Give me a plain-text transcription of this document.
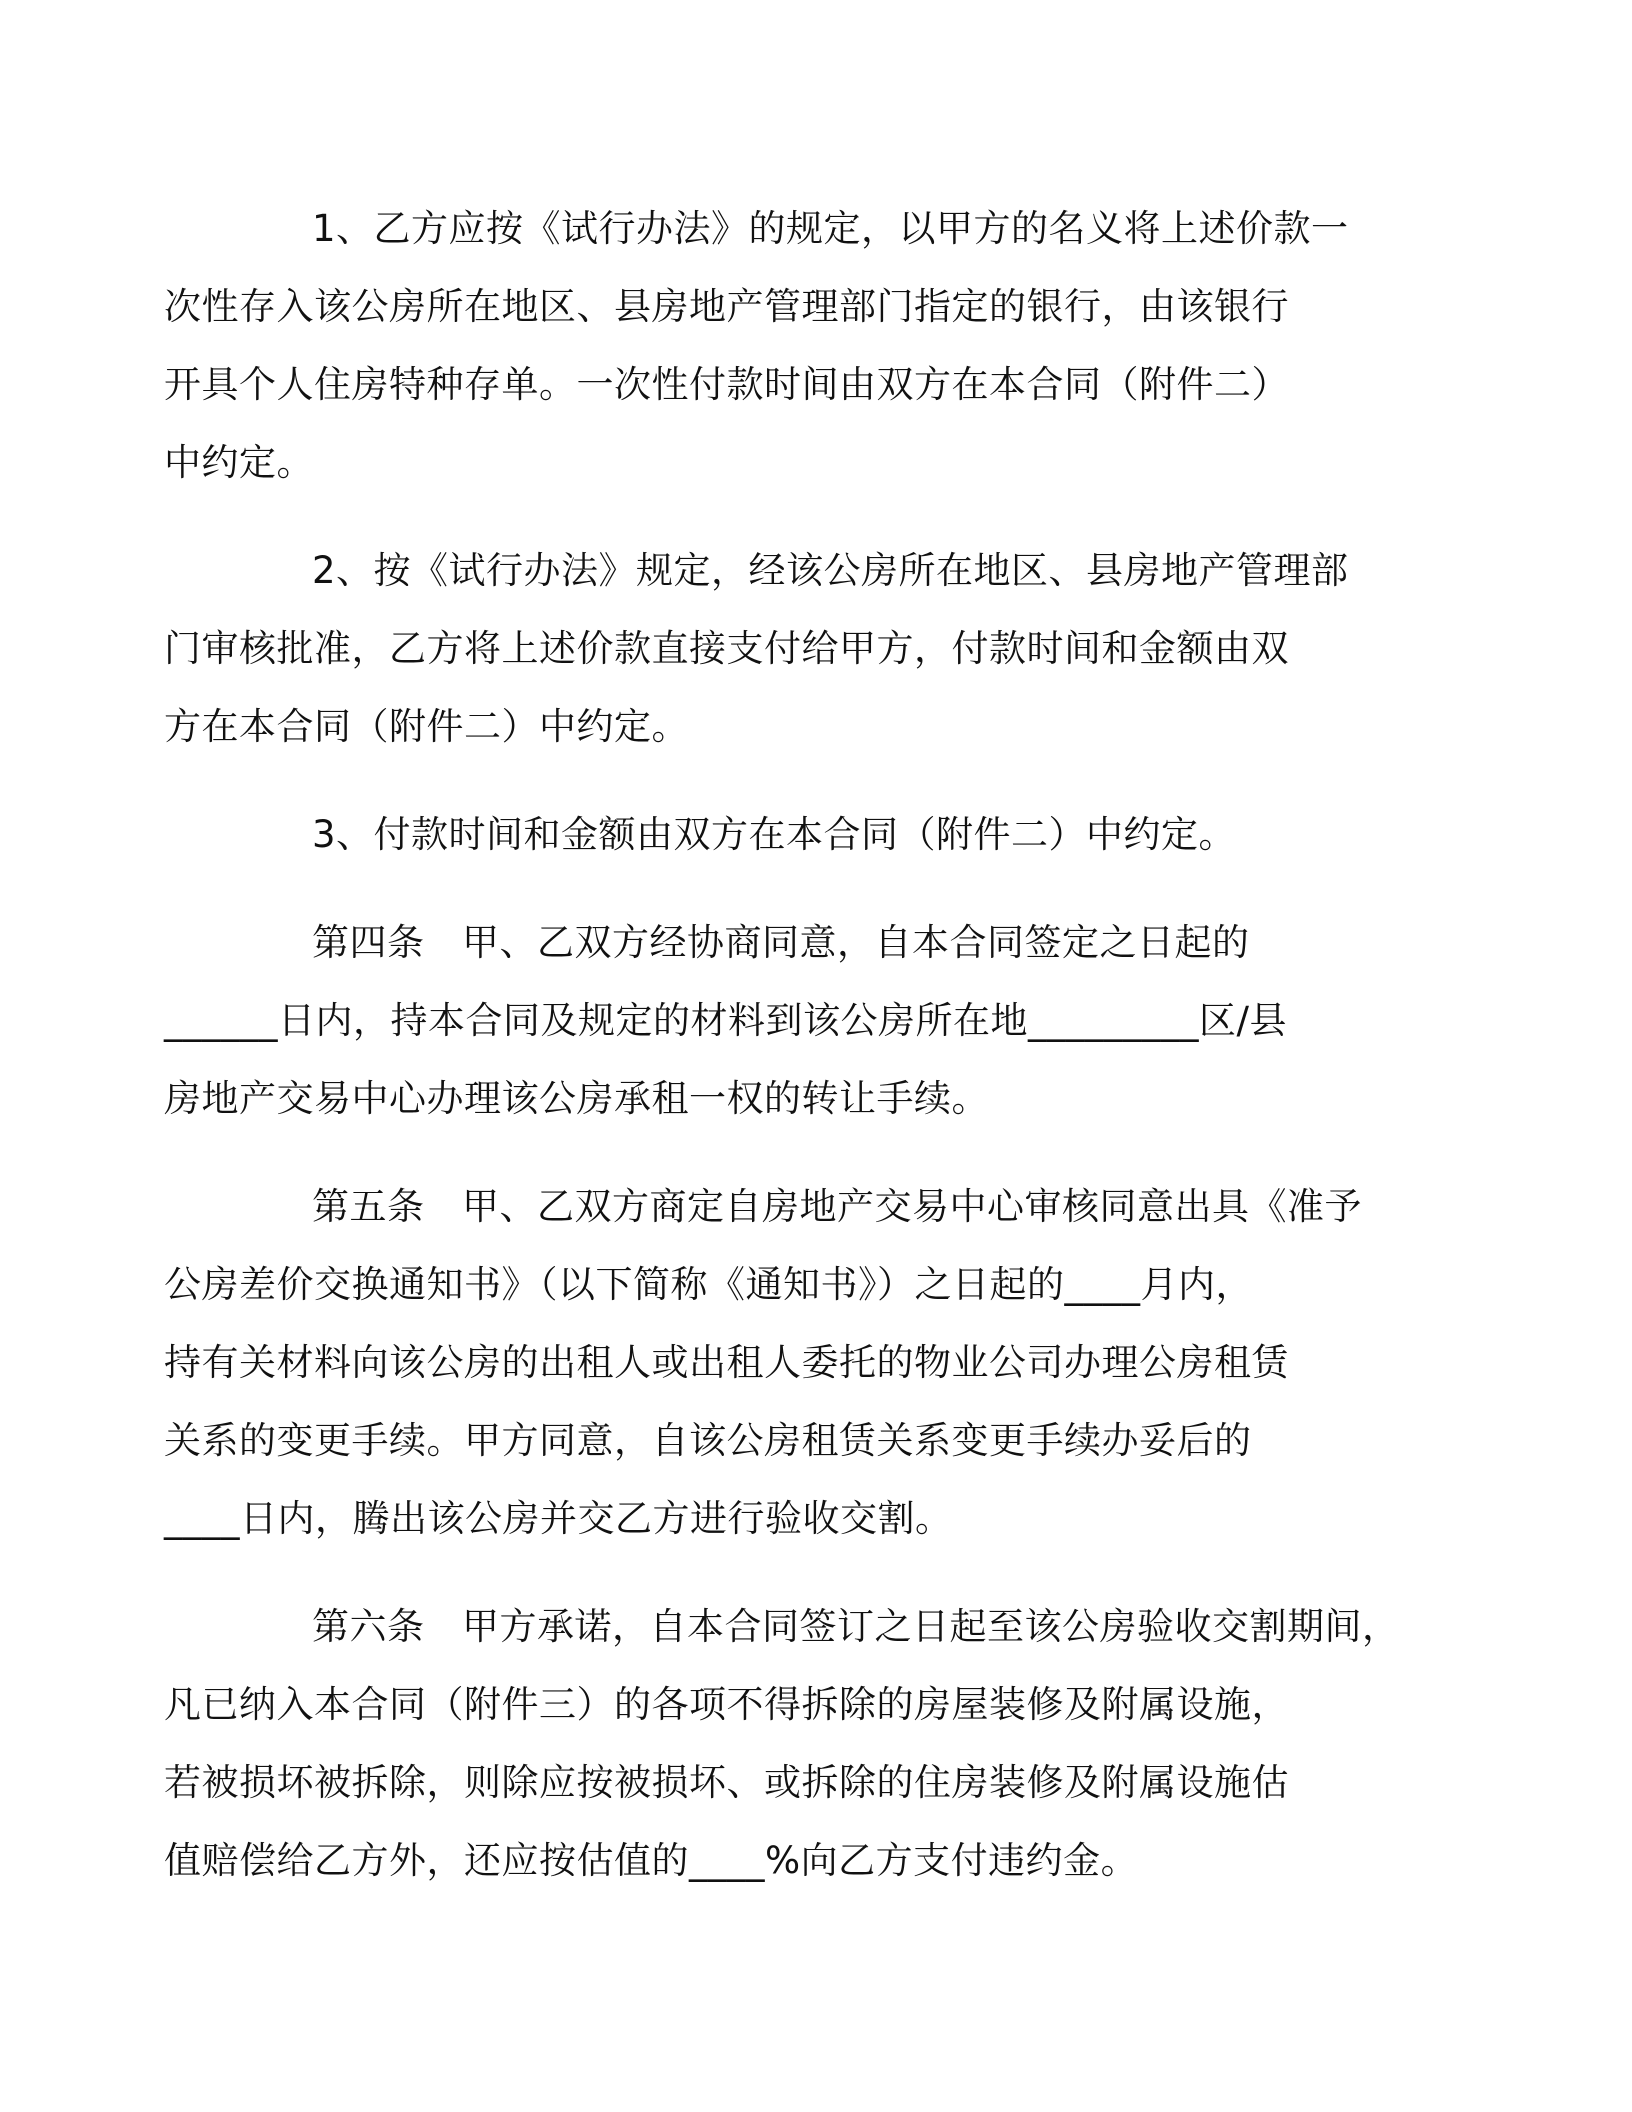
1、乙方应按《试行办法》的规定，以甲方的名义将上述价款一
次性存入该公房所在地区、县房地产管理部门指定的银行，由该银行
开具个人住房特种存单。一次性付款时间由双方在本合同（附件二）
中约定。

2、按《试行办法》规定，经该公房所在地区、县房地产管理部
门审核批准，乙方将上述价款直接支付给甲方，付款时间和金额由双
方在本合同（附件二）中约定。

3、付款时间和金额由双方在本合同（附件二）中约定。

第四条　甲、乙双方经协商同意，自本合同签定之日起的
______日内，持本合同及规定的材料到该公房所在地_________区/县
房地产交易中心办理该公房承租一权的转让手续。

第五条　甲、乙双方商定自房地产交易中心审核同意出具《准予
公房差价交换通知书》（以下简称《通知书》）之日起的____月内，
持有关材料向该公房的出租人或出租人委托的物业公司办理公房租赁
关系的变更手续。甲方同意，自该公房租赁关系变更手续办妥后的
____日内，腾出该公房并交乙方进行验收交割。

第六条　甲方承诺，自本合同签订之日起至该公房验收交割期间，
凡已纳入本合同（附件三）的各项不得拆除的房屋装修及附属设施，
若被损坏被拆除，则除应按被损坏、或拆除的住房装修及附属设施估
值赔偿给乙方外，还应按估值的____%向乙方支付违约金。
